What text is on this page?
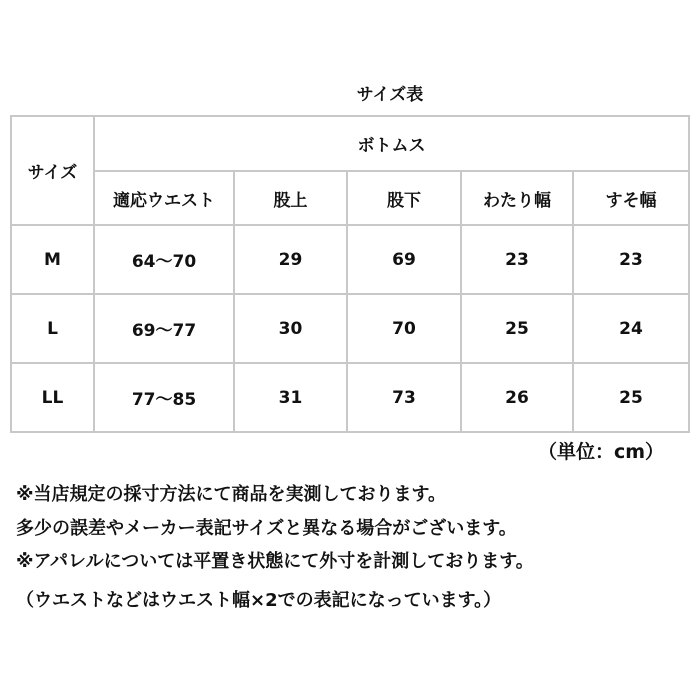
サイズ表
サイズ	ボトムス				
	適応ウエスト	股上	股下	わたり幅	すそ幅
M	64～70	29	69	23	23
L	69～77	30	70	25	24
LL	77～85	31	73	26	25
（単位：cm）
※当店規定の採寸方法にて商品を実測しております。
多少の誤差やメーカー表記サイズと異なる場合がございます。
※アパレルについては平置き状態にて外寸を計測しております。
（ウエストなどはウエスト幅×2での表記になっています。）
